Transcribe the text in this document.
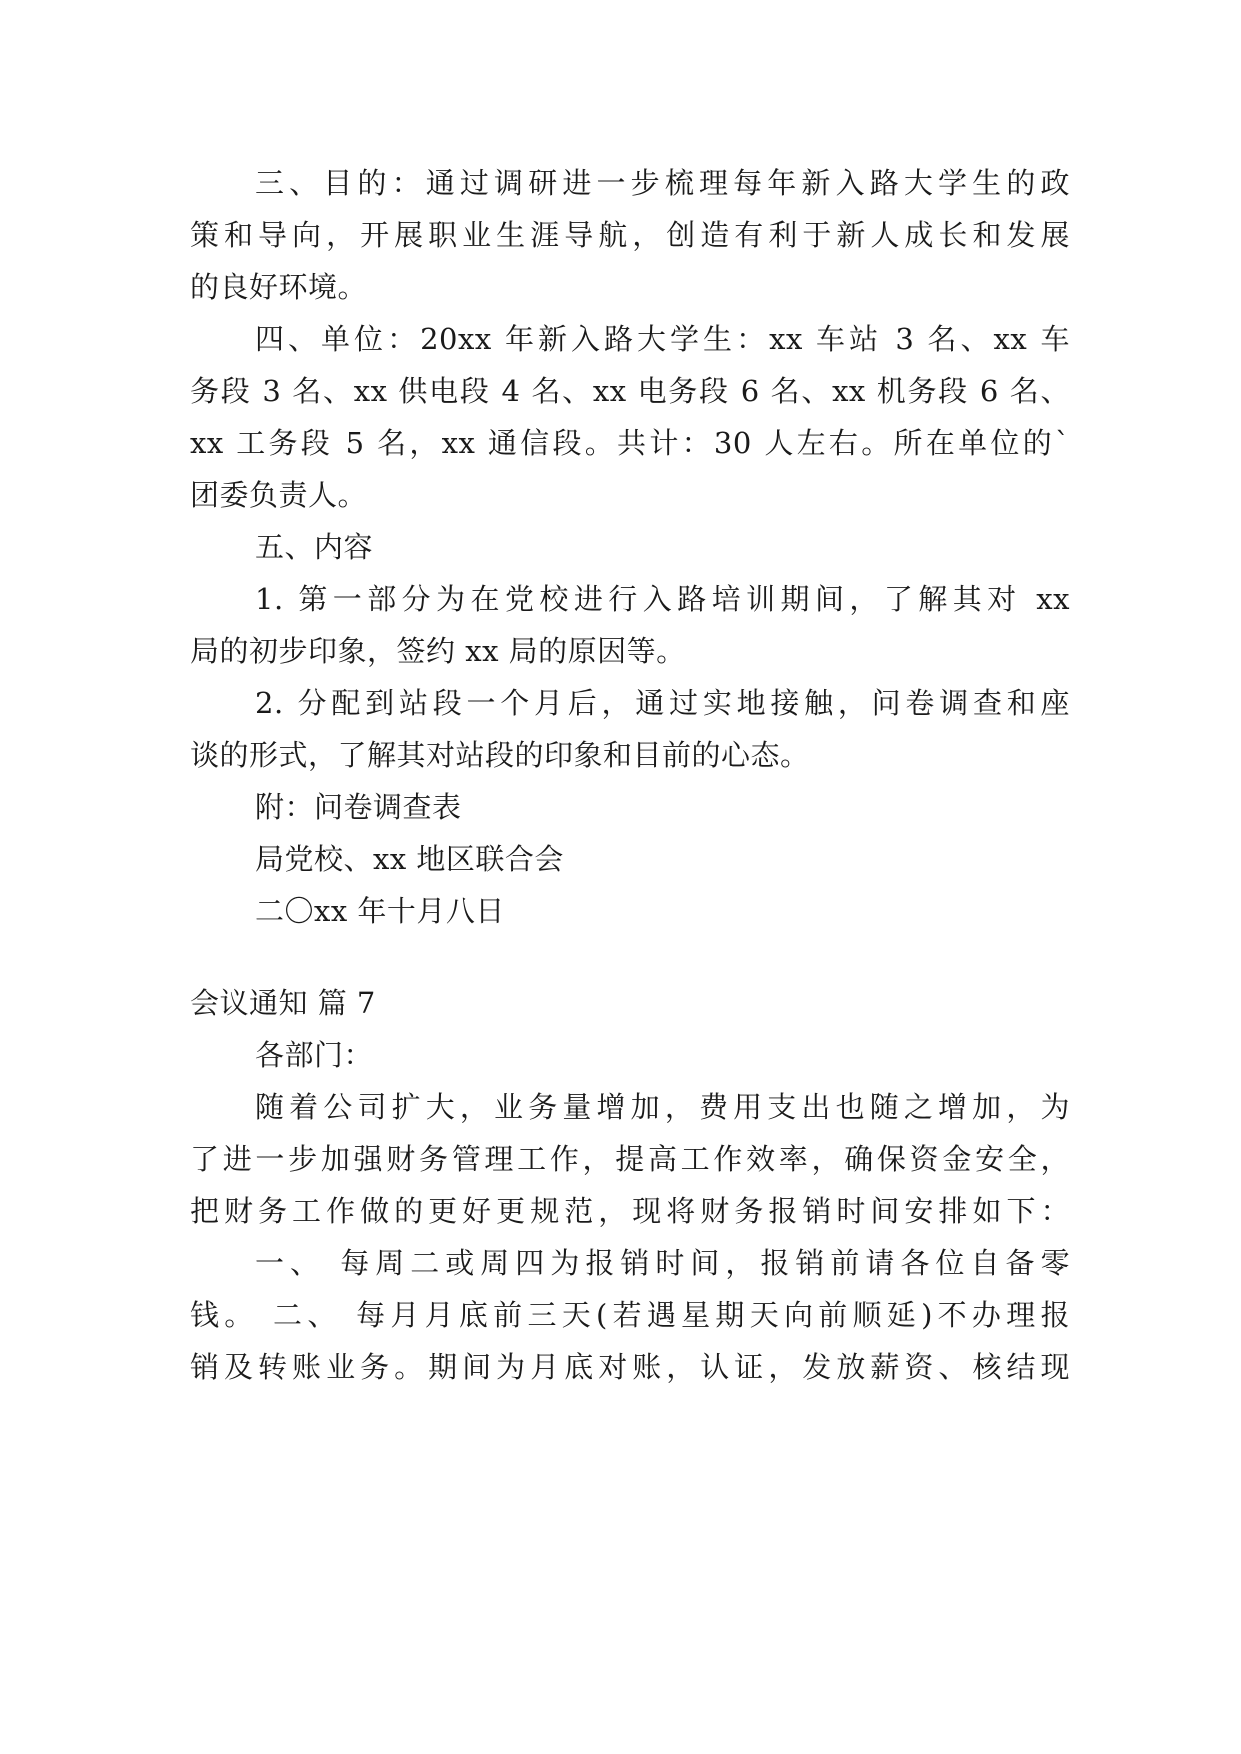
三、目的：通过调研进一步梳理每年新入路大学生的政
策和导向，开展职业生涯导航，创造有利于新人成长和发展
的良好环境。
四、单位：20xx 年新入路大学生：xx 车站 3 名、xx 车
务段 3 名、xx 供电段 4 名、xx 电务段 6 名、xx 机务段 6 名、
xx 工务段 5 名，xx 通信段。共计：30 人左右。所在单位的`
团委负责人。
五、内容
1. 第一部分为在党校进行入路培训期间，了解其对 xx
局的初步印象，签约 xx 局的原因等。
2. 分配到站段一个月后，通过实地接触，问卷调查和座
谈的形式，了解其对站段的印象和目前的心态。
附：问卷调查表
局党校、xx 地区联合会
二〇xx 年十月八日
会议通知 篇 7
各部门：
随着公司扩大，业务量增加，费用支出也随之增加，为
了进一步加强财务管理工作，提高工作效率，确保资金安全，
把财务工作做的更好更规范，现将财务报销时间安排如下：
一、 每周二或周四为报销时间，报销前请各位自备零
钱。 二、 每月月底前三天(若遇星期天向前顺延)不办理报
销及转账业务。期间为月底对账，认证，发放薪资、核结现
